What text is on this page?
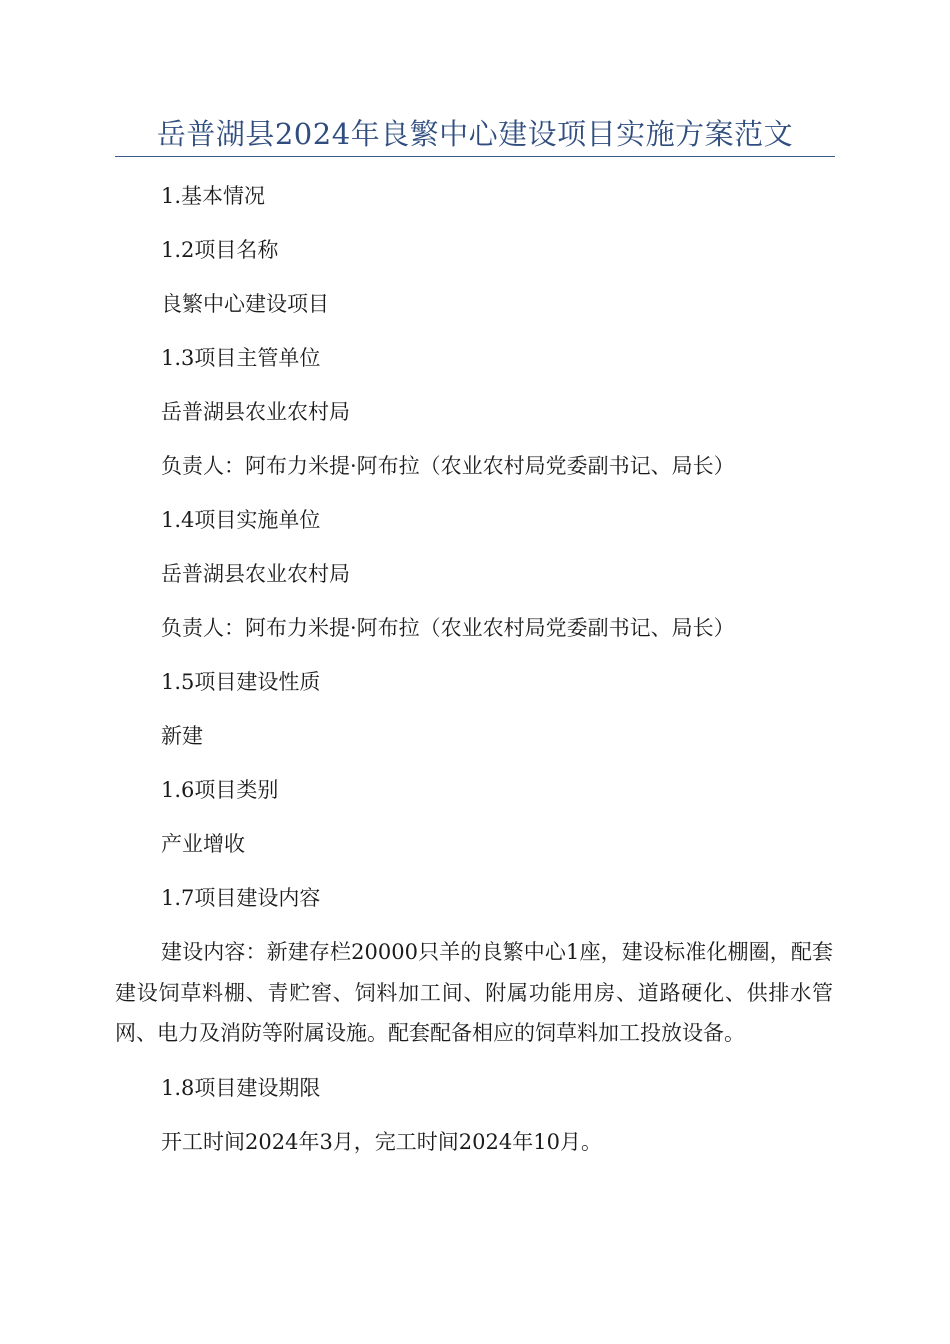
岳普湖县2024年良繁中心建设项目实施方案范文

1.基本情况

1.2项目名称

良繁中心建设项目

1.3项目主管单位

岳普湖县农业农村局

负责人：阿布力米提·阿布拉（农业农村局党委副书记、局长）

1.4项目实施单位

岳普湖县农业农村局

负责人：阿布力米提·阿布拉（农业农村局党委副书记、局长）

1.5项目建设性质

新建

1.6项目类别

产业增收

1.7项目建设内容

建设内容：新建存栏20000只羊的良繁中心1座，建设标准化棚圈，配套建设饲草料棚、青贮窖、饲料加工间、附属功能用房、道路硬化、供排水管网、电力及消防等附属设施。配套配备相应的饲草料加工投放设备。

1.8项目建设期限

开工时间2024年3月，完工时间2024年10月。
